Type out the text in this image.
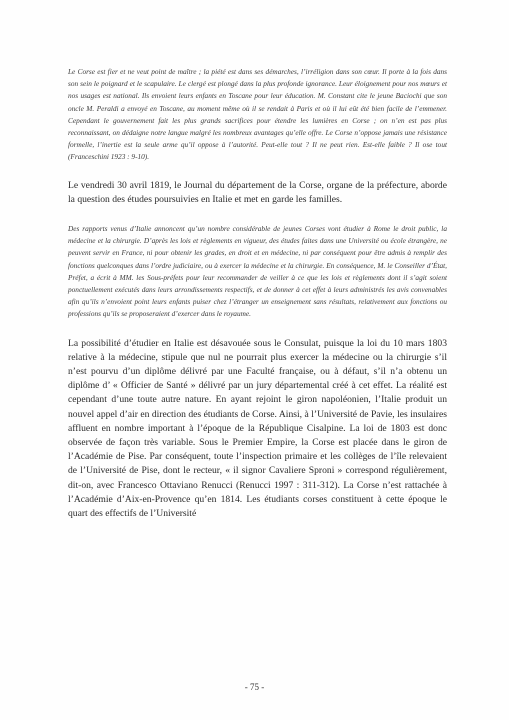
Le Corse est fier et ne veut point de maître ; la piété est dans ses démarches, l’irréligion dans son cœur. Il porte à la fois dans son sein le poignard et le scapulaire. Le clergé est plongé dans la plus profonde ignorance. Leur éloignement pour nos mœurs et nos usages est national. Ils envoient leurs enfants en Toscane pour leur éducation. M. Constant cite le jeune Baciochi que son oncle M. Peraldi a envoyé en Toscane, au moment même où il se rendait à Paris et où il lui eût été bien facile de l’emmener. Cependant le gouvernement fait les plus grands sacrifices pour étendre les lumières en Corse ; on n’en est pas plus reconnaissant, on dédaigne notre langue malgré les nombreux avantages qu’elle offre. Le Corse n’oppose jamais une résistance formelle, l’inertie est la seule arme qu’il oppose à l’autorité. Peut-elle tout ? Il ne peut rien. Est-elle faible ? Il ose tout (Franceschini 1923 : 9-10).

Le vendredi 30 avril 1819, le Journal du département de la Corse, organe de la préfecture, aborde la question des études poursuivies en Italie et met en garde les familles.

Des rapports venus d’Italie annoncent qu’un nombre considérable de jeunes Corses vont étudier à Rome le droit public, la médecine et la chirurgie. D’après les lois et règlements en vigueur, des études faites dans une Université ou école étrangère, ne peuvent servir en France, ni pour obtenir les grades, en droit et en médecine, ni par conséquent pour être admis à remplir des fonctions quelconques dans l’ordre judiciaire, ou à exercer la médecine et la chirurgie. En conséquence, M. le Conseiller d’État, Préfet, a écrit à MM. les Sous-préfets pour leur recommander de veiller à ce que les lois et règlements dont il s’agit soient ponctuellement exécutés dans leurs arrondissements respectifs, et de donner à cet effet à leurs administrés les avis convenables afin qu’ils n’envoient point leurs enfants puiser chez l’étranger un enseignement sans résultats, relativement aux fonctions ou professions qu’ils se proposeraient d’exercer dans le royaume.

La possibilité d’étudier en Italie est désavouée sous le Consulat, puisque la loi du 10 mars 1803 relative à la médecine, stipule que nul ne pourrait plus exercer la médecine ou la chirurgie s’il n’est pourvu d’un diplôme délivré par une Faculté française, ou à défaut, s’il n’a obtenu un diplôme d’ « Officier de Santé » délivré par un jury départemental créé à cet effet. La réalité est cependant d’une toute autre nature. En ayant rejoint le giron napoléonien, l’Italie produit un nouvel appel d’air en direction des étudiants de Corse. Ainsi, à l’Université de Pavie, les insulaires affluent en nombre important à l’époque de la République Cisalpine. La loi de 1803 est donc observée de façon très variable. Sous le Premier Empire, la Corse est placée dans le giron de l’Académie de Pise. Par conséquent, toute l’inspection primaire et les collèges de l’île relevaient de l’Université de Pise, dont le recteur, « il signor Cavaliere Sproni » correspond régulièrement, dit-on, avec Francesco Ottaviano Renucci (Renucci 1997 : 311-312). La Corse n’est rattachée à l’Académie d’Aix-en-Provence qu’en 1814. Les étudiants corses constituent à cette époque le quart des effectifs de l’Université

- 75 -
